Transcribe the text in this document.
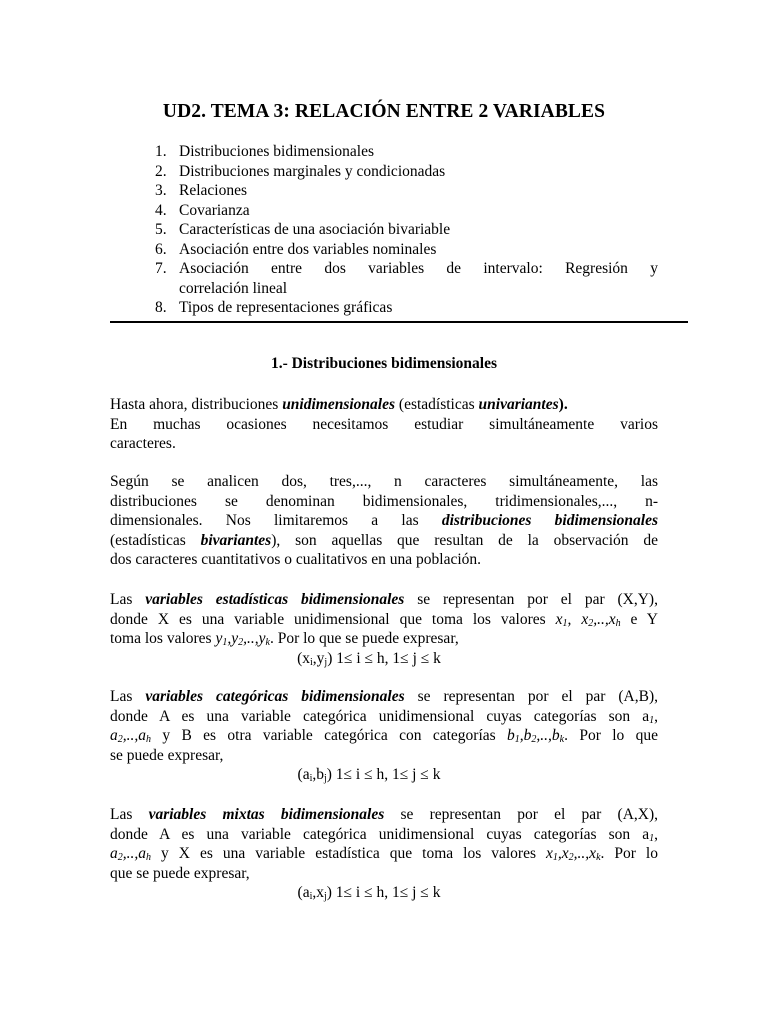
UD2. TEMA 3: RELACIÓN ENTRE 2 VARIABLES
1. Distribuciones bidimensionales
2. Distribuciones marginales y condicionadas
3. Relaciones
4. Covarianza
5. Características de una asociación bivariable
6. Asociación entre dos variables nominales
7. Asociación entre dos variables de intervalo: Regresión y
correlación lineal
8. Tipos de representaciones gráficas
1.- Distribuciones bidimensionales
Hasta ahora, distribuciones unidimensionales (estadísticas univariantes).
En muchas ocasiones necesitamos estudiar simultáneamente varios
caracteres.
Según se analicen dos, tres,..., n caracteres simultáneamente, las
distribuciones se denominan bidimensionales, tridimensionales,..., n-
dimensionales. Nos limitaremos a las distribuciones bidimensionales
(estadísticas bivariantes), son aquellas que resultan de la observación de
dos caracteres cuantitativos o cualitativos en una población.
Las variables estadísticas bidimensionales se representan por el par (X,Y),
donde X es una variable unidimensional que toma los valores $x_1$, $x_2,..,x_h$ e Y
toma los valores $y_1,y_2,..,y_k$. Por lo que se puede expresar,
$(x_i,y_j)$ 1≤ i ≤ h, 1≤ j ≤ k
Las variables categóricas bidimensionales se representan por el par (A,B),
donde A es una variable categórica unidimensional cuyas categorías son $a_1$,
$a_2,..,a_h$ y B es otra variable categórica con categorías $b_1,b_2,..,b_k$. Por lo que
se puede expresar,
$(a_i,b_j)$ 1≤ i ≤ h, 1≤ j ≤ k
Las variables mixtas bidimensionales se representan por el par (A,X),
donde A es una variable categórica unidimensional cuyas categorías son $a_1$,
$a_2,..,a_h$ y X es una variable estadística que toma los valores $x_1,x_2,..,x_k$. Por lo
que se puede expresar,
$(a_i,x_j)$ 1≤ i ≤ h, 1≤ j ≤ k
